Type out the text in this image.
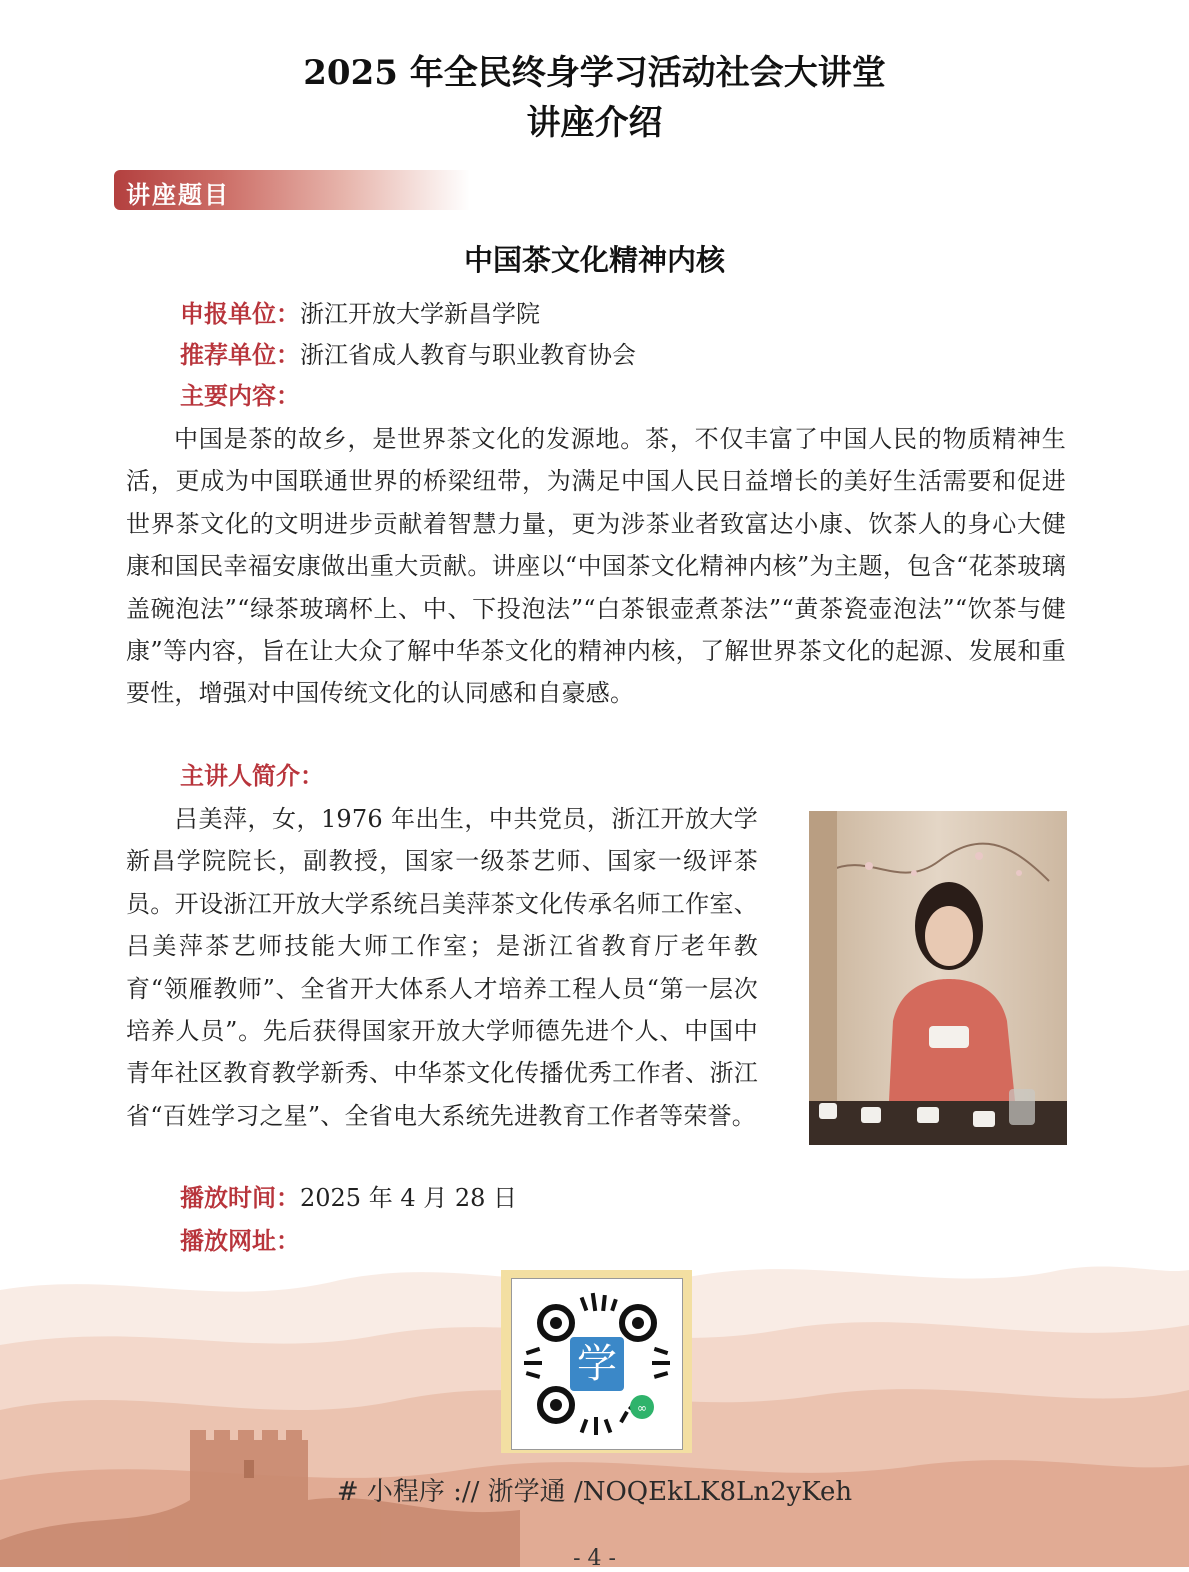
2025 年全民终身学习活动社会大讲堂
讲座介绍
讲座题目
中国茶文化精神内核
申报单位：浙江开放大学新昌学院
推荐单位：浙江省成人教育与职业教育协会
主要内容：

中国是茶的故乡，是世界茶文化的发源地。茶，不仅丰富了中国人民的物质精神生活，更成为中国联通世界的桥梁纽带，为满足中国人民日益增长的美好生活需要和促进世界茶文化的文明进步贡献着智慧力量，更为涉茶业者致富达小康、饮茶人的身心大健康和国民幸福安康做出重大贡献。讲座以“中国茶文化精神内核”为主题，包含“花茶玻璃盖碗泡法”“绿茶玻璃杯上、中、下投泡法”“白茶银壶煮茶法”“黄茶瓷壶泡法”“饮茶与健康”等内容，旨在让大众了解中华茶文化的精神内核，了解世界茶文化的起源、发展和重要性，增强对中国传统文化的认同感和自豪感。

主讲人简介：

吕美萍，女，1976 年出生，中共党员，浙江开放大学新昌学院院长，副教授，国家一级茶艺师、国家一级评茶员。开设浙江开放大学系统吕美萍茶文化传承名师工作室、吕美萍茶艺师技能大师工作室；是浙江省教育厅老年教育“领雁教师”、全省开大体系人才培养工程人员“第一层次培养人员”。先后获得国家开放大学师德先进个人、中国中青年社区教育教学新秀、中华茶文化传播优秀工作者、浙江省“百姓学习之星”、全省电大系统先进教育工作者等荣誉。

播放时间：2025 年 4 月 28 日
播放网址：
学
∞
# 小程序 :// 浙学通 /NOQEkLK8Ln2yKeh
- 4 -
